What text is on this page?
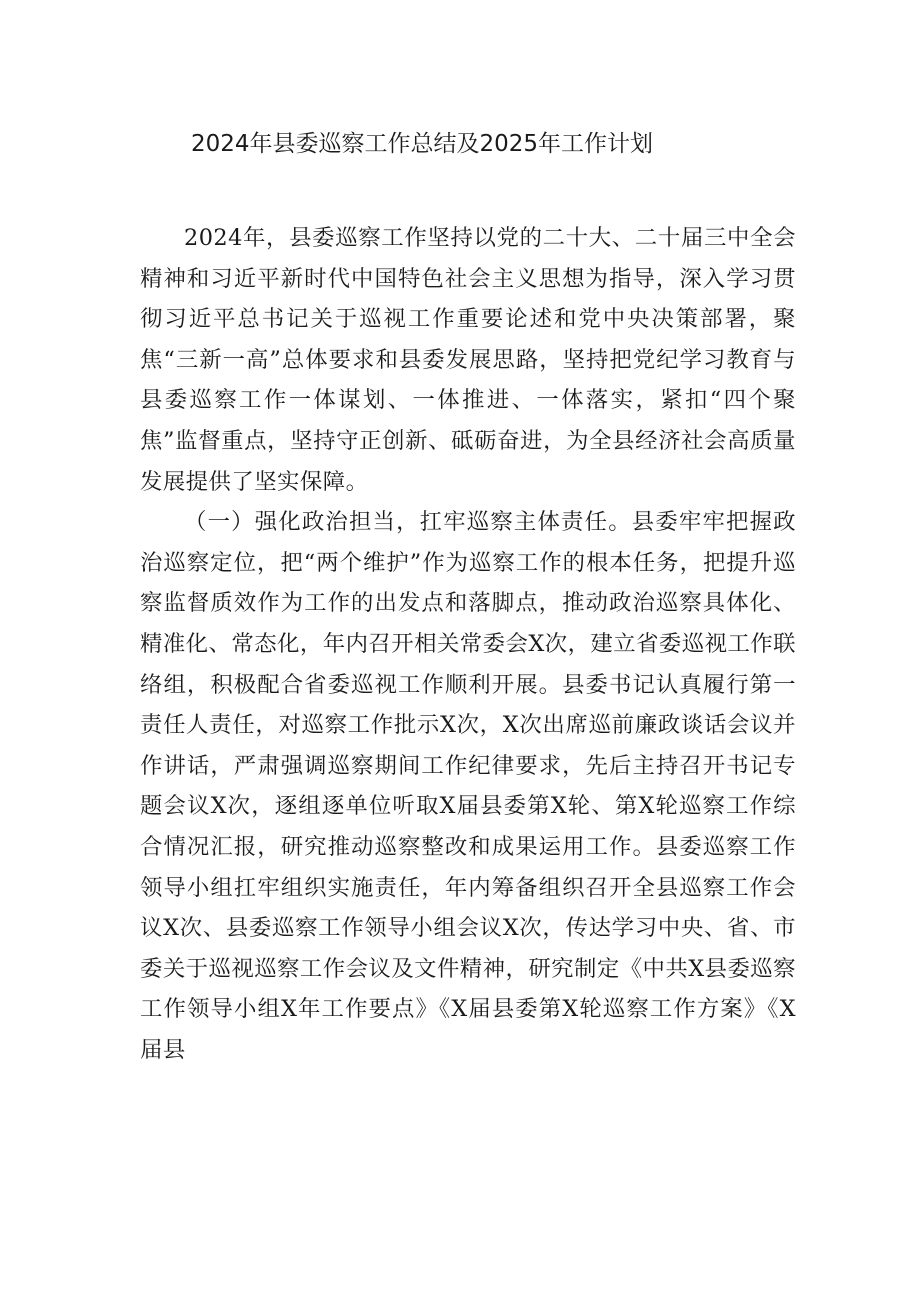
2024年县委巡察工作总结及2025年工作计划

2024年，县委巡察工作坚持以党的二十大、二十届三中全会精神和习近平新时代中国特色社会主义思想为指导，深入学习贯彻习近平总书记关于巡视工作重要论述和党中央决策部署，聚焦“三新一高”总体要求和县委发展思路，坚持把党纪学习教育与县委巡察工作一体谋划、一体推进、一体落实，紧扣“四个聚焦”监督重点，坚持守正创新、砥砺奋进，为全县经济社会高质量发展提供了坚实保障。

（一）强化政治担当，扛牢巡察主体责任。县委牢牢把握政治巡察定位，把“两个维护”作为巡察工作的根本任务，把提升巡察监督质效作为工作的出发点和落脚点，推动政治巡察具体化、精准化、常态化，年内召开相关常委会X次，建立省委巡视工作联络组，积极配合省委巡视工作顺利开展。县委书记认真履行第一责任人责任，对巡察工作批示X次，X次出席巡前廉政谈话会议并作讲话，严肃强调巡察期间工作纪律要求，先后主持召开书记专题会议X次，逐组逐单位听取X届县委第X轮、第X轮巡察工作综合情况汇报，研究推动巡察整改和成果运用工作。县委巡察工作领导小组扛牢组织实施责任，年内筹备组织召开全县巡察工作会议X次、县委巡察工作领导小组会议X次，传达学习中央、省、市委关于巡视巡察工作会议及文件精神，研究制定《中共X县委巡察工作领导小组X年工作要点》《X届县委第X轮巡察工作方案》《X届县
